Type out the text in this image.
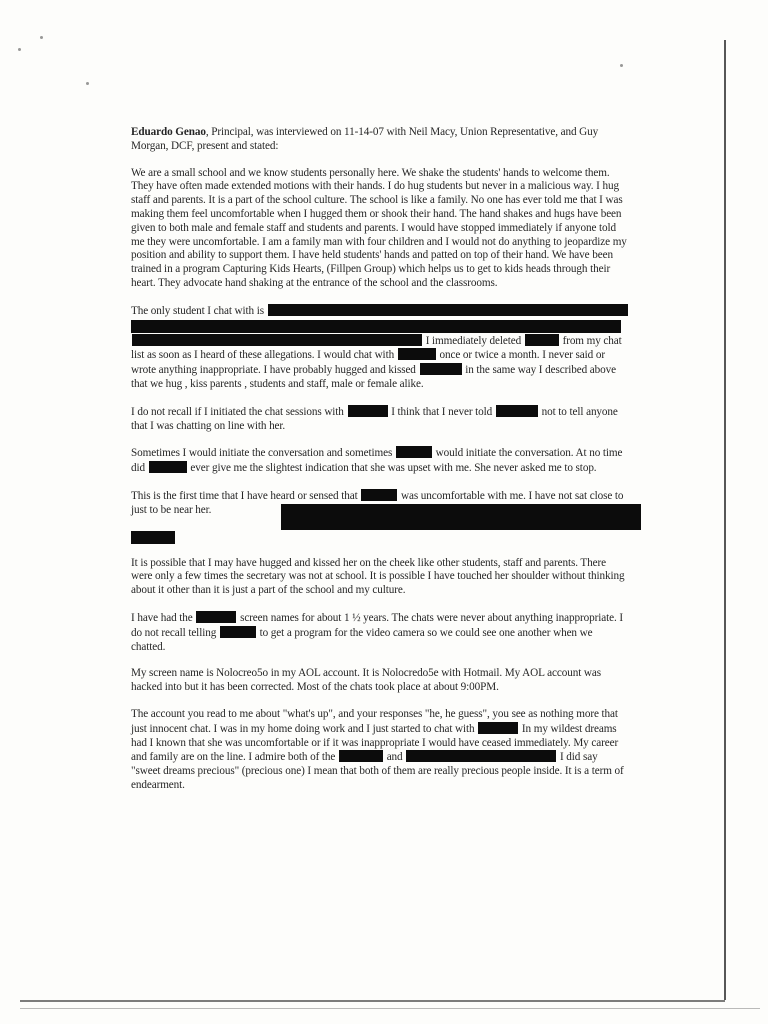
Eduardo Genao, Principal, was interviewed on 11-14-07 with Neil Macy, Union Representative, and Guy Morgan, DCF, present and stated:

We are a small school and we know students personally here. We shake the students' hands to welcome them. They have often made extended motions with their hands. I do hug students but never in a malicious way. I hug staff and parents. It is a part of the school culture. The school is like a family. No one has ever told me that I was making them feel uncomfortable when I hugged them or shook their hand. The hand shakes and hugs have been given to both male and female staff and students and parents. I would have stopped immediately if anyone told me they were uncomfortable. I am a family man with four children and I would not do anything to jeopardize my position and ability to support them. I have held students' hands and patted on top of their hand. We have been trained in a program Capturing Kids Hearts, (Fillpen Group) which helps us to get to kids heads through their heart. They advocate hand shaking at the entrance of the school and the classrooms.

The only student I chat with is
I immediately deleted	from my chat list as soon as I heard of these allegations. I would chat with	once or twice a month. I never said or wrote anything inappropriate. I have probably hugged and kissed	in the same way I described above that we hug , kiss parents , students and staff, male or female alike.

I do not recall if I initiated the chat sessions with	I think that I never told	not to tell anyone that I was chatting on line with her.

Sometimes I would initiate the conversation and sometimes	would initiate the conversation. At no time did	ever give me the slightest indication that she was upset with me. She never asked me to stop.

This is the first time that I have heard or sensed that	was uncomfortable with me. I have not sat close to just to be near her.

It is possible that I may have hugged and kissed her on the cheek like other students, staff and parents. There were only a few times the secretary was not at school. It is possible I have touched her shoulder without thinking about it other than it is just a part of the school and my culture.

I have had the	screen names for about 1 ½ years. The chats were never about anything inappropriate. I do not recall telling	to get a program for the video camera so we could see one another when we chatted.

My screen name is Nolocreo5o in my AOL account. It is Nolocredo5e with Hotmail. My AOL account was hacked into but it has been corrected. Most of the chats took place at about 9:00PM.

The account you read to me about "what's up", and your responses "he, he guess", you see as nothing more that just innocent chat. I was in my home doing work and I just started to chat with	In my wildest dreams had I known that she was uncomfortable or if it was inappropriate I would have ceased immediately. My career and family are on the line. I admire both of the	and	I did say "sweet dreams precious" (precious one) I mean that both of them are really precious people inside. It is a term of endearment.
